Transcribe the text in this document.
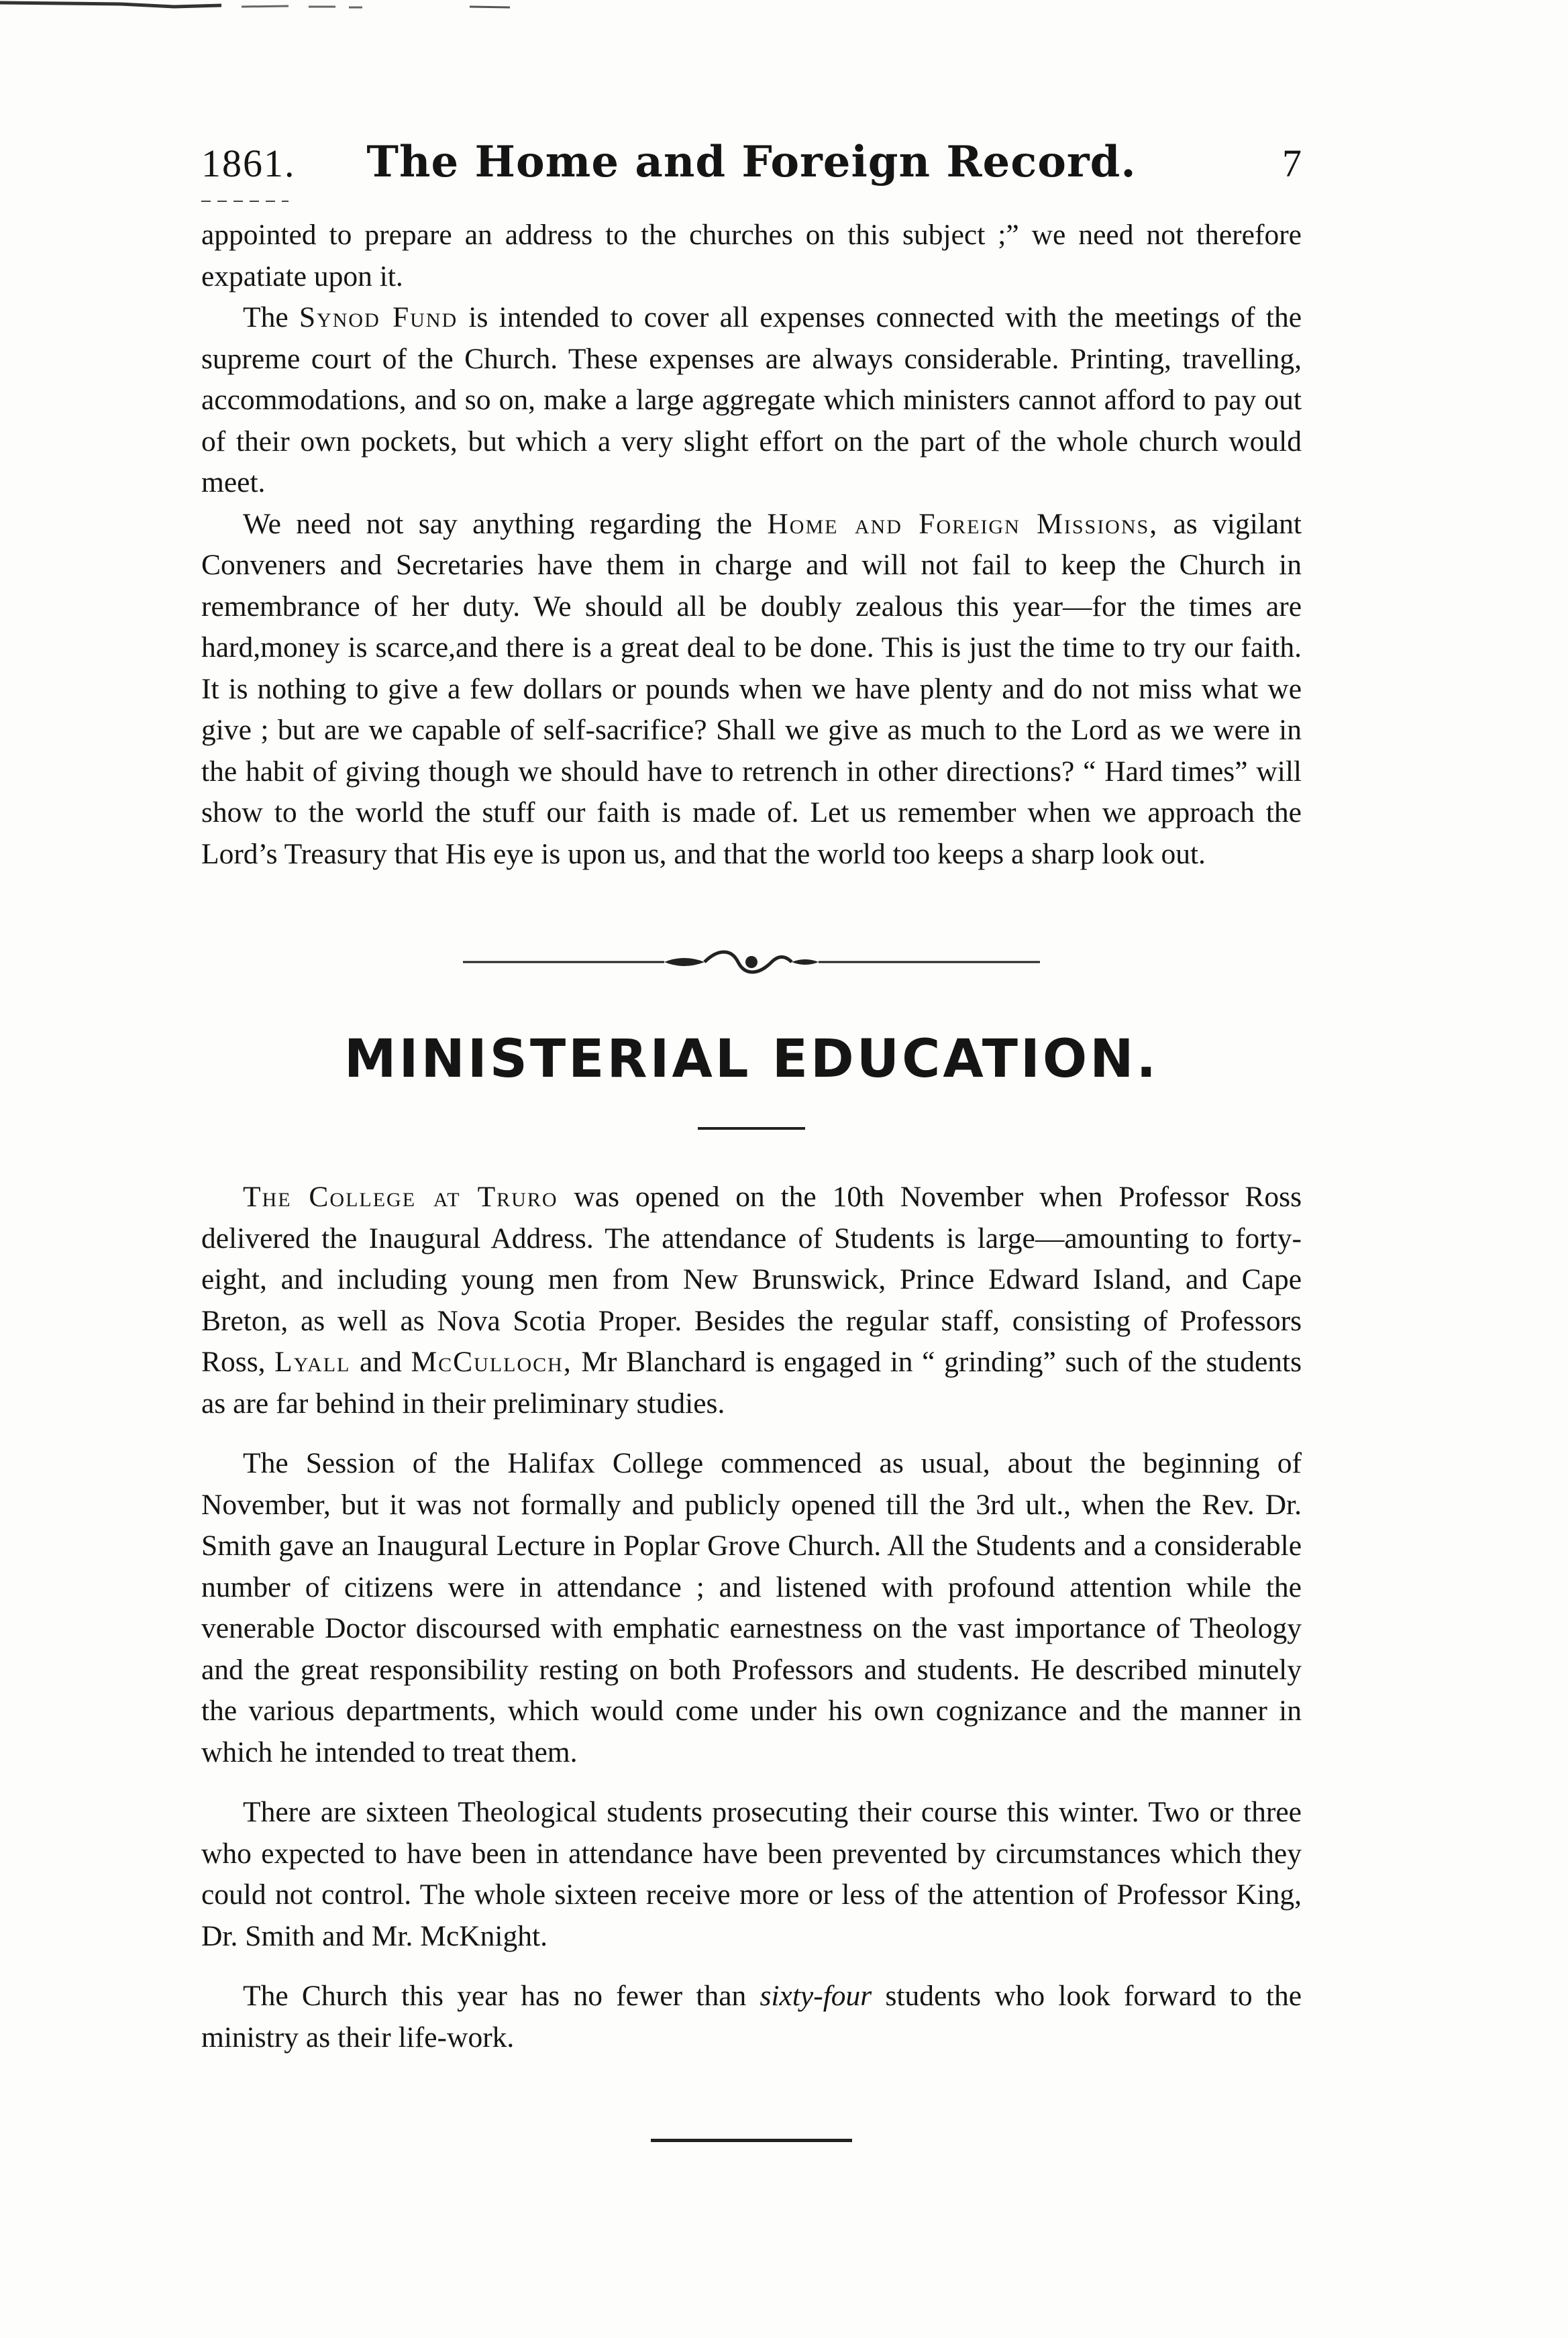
1861.	The Home and Foreign Record.	7

appointed to prepare an address to the churches on this subject ;” we need not therefore expatiate upon it.

The Synod Fund is intended to cover all expenses connected with the meetings of the supreme court of the Church. These expenses are always considerable. Printing, travelling, accommodations, and so on, make a large aggregate which ministers cannot afford to pay out of their own pockets, but which a very slight effort on the part of the whole church would meet.

We need not say anything regarding the Home and Foreign Missions, as vigilant Conveners and Secretaries have them in charge and will not fail to keep the Church in remembrance of her duty. We should all be doubly zealous this year—for the times are hard,money is scarce,and there is a great deal to be done. This is just the time to try our faith. It is nothing to give a few dollars or pounds when we have plenty and do not miss what we give ; but are we capable of self-sacrifice? Shall we give as much to the Lord as we were in the habit of giving though we should have to retrench in other directions? “ Hard times” will show to the world the stuff our faith is made of. Let us remember when we approach the Lord’s Treasury that His eye is upon us, and that the world too keeps a sharp look out.

MINISTERIAL EDUCATION.

The College at Truro was opened on the 10th November when Professor Ross delivered the Inaugural Address. The attendance of Students is large—amounting to forty-eight, and including young men from New Brunswick, Prince Edward Island, and Cape Breton, as well as Nova Scotia Proper. Besides the regular staff, consisting of Professors Ross, Lyall and McCulloch, Mr Blanchard is engaged in “ grinding” such of the students as are far behind in their preliminary studies.

The Session of the Halifax College commenced as usual, about the beginning of November, but it was not formally and publicly opened till the 3rd ult., when the Rev. Dr. Smith gave an Inaugural Lecture in Poplar Grove Church. All the Students and a considerable number of citizens were in attendance ; and listened with profound attention while the venerable Doctor discoursed with emphatic earnestness on the vast importance of Theology and the great responsibility resting on both Professors and students. He described minutely the various departments, which would come under his own cognizance and the manner in which he intended to treat them.

There are sixteen Theological students prosecuting their course this winter. Two or three who expected to have been in attendance have been prevented by circumstances which they could not control. The whole sixteen receive more or less of the attention of Professor King, Dr. Smith and Mr. McKnight.

The Church this year has no fewer than sixty-four students who look forward to the ministry as their life-work.
